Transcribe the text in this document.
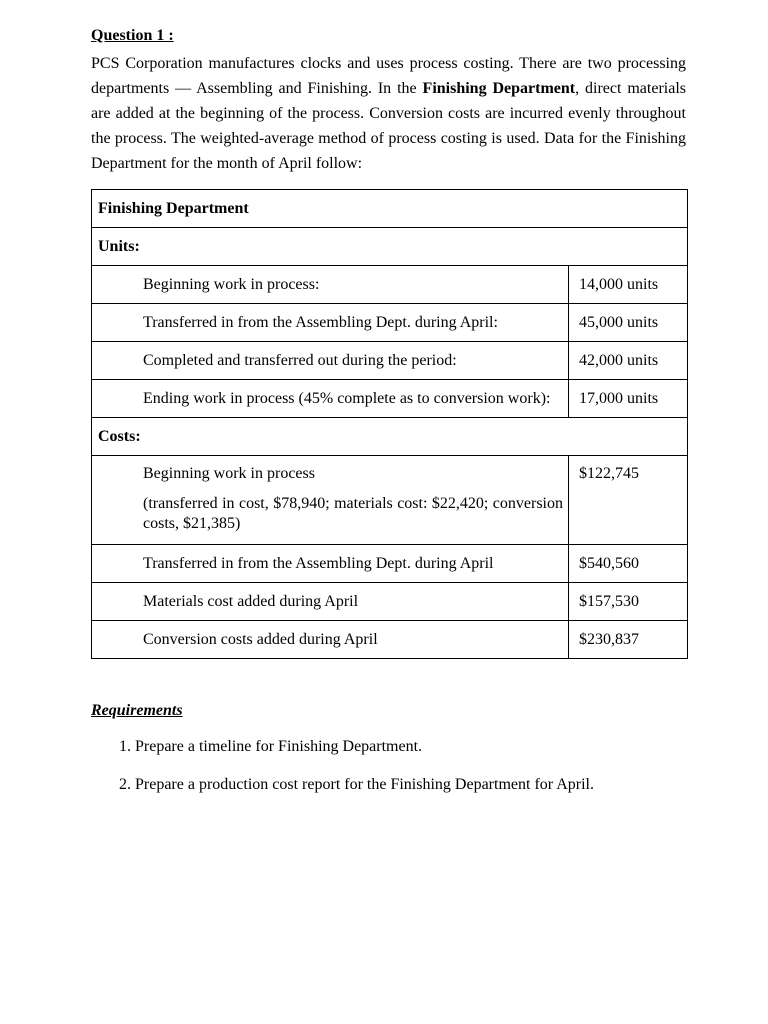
Question 1 :

PCS Corporation manufactures clocks and uses process costing. There are two processing departments — Assembling and Finishing. In the Finishing Department, direct materials are added at the beginning of the process. Conversion costs are incurred evenly throughout the process. The weighted-average method of process costing is used. Data for the Finishing Department for the month of April follow:

Finishing Department	
Units:	
Beginning work in process:	14,000 units
Transferred in from the Assembling Dept. during April:	45,000 units
Completed and transferred out during the period:	42,000 units
Ending work in process (45% complete as to conversion work):	17,000 units
Costs:	

Beginning work in process
(transferred in cost, $78,940; materials cost: $22,420; conversion costs, $21,385)	$122,745
Transferred in from the Assembling Dept. during April	$540,560
Materials cost added during April	$157,530
Conversion costs added during April	$230,837
Requirements
1. Prepare a timeline for Finishing Department.
2. Prepare a production cost report for the Finishing Department for April.
